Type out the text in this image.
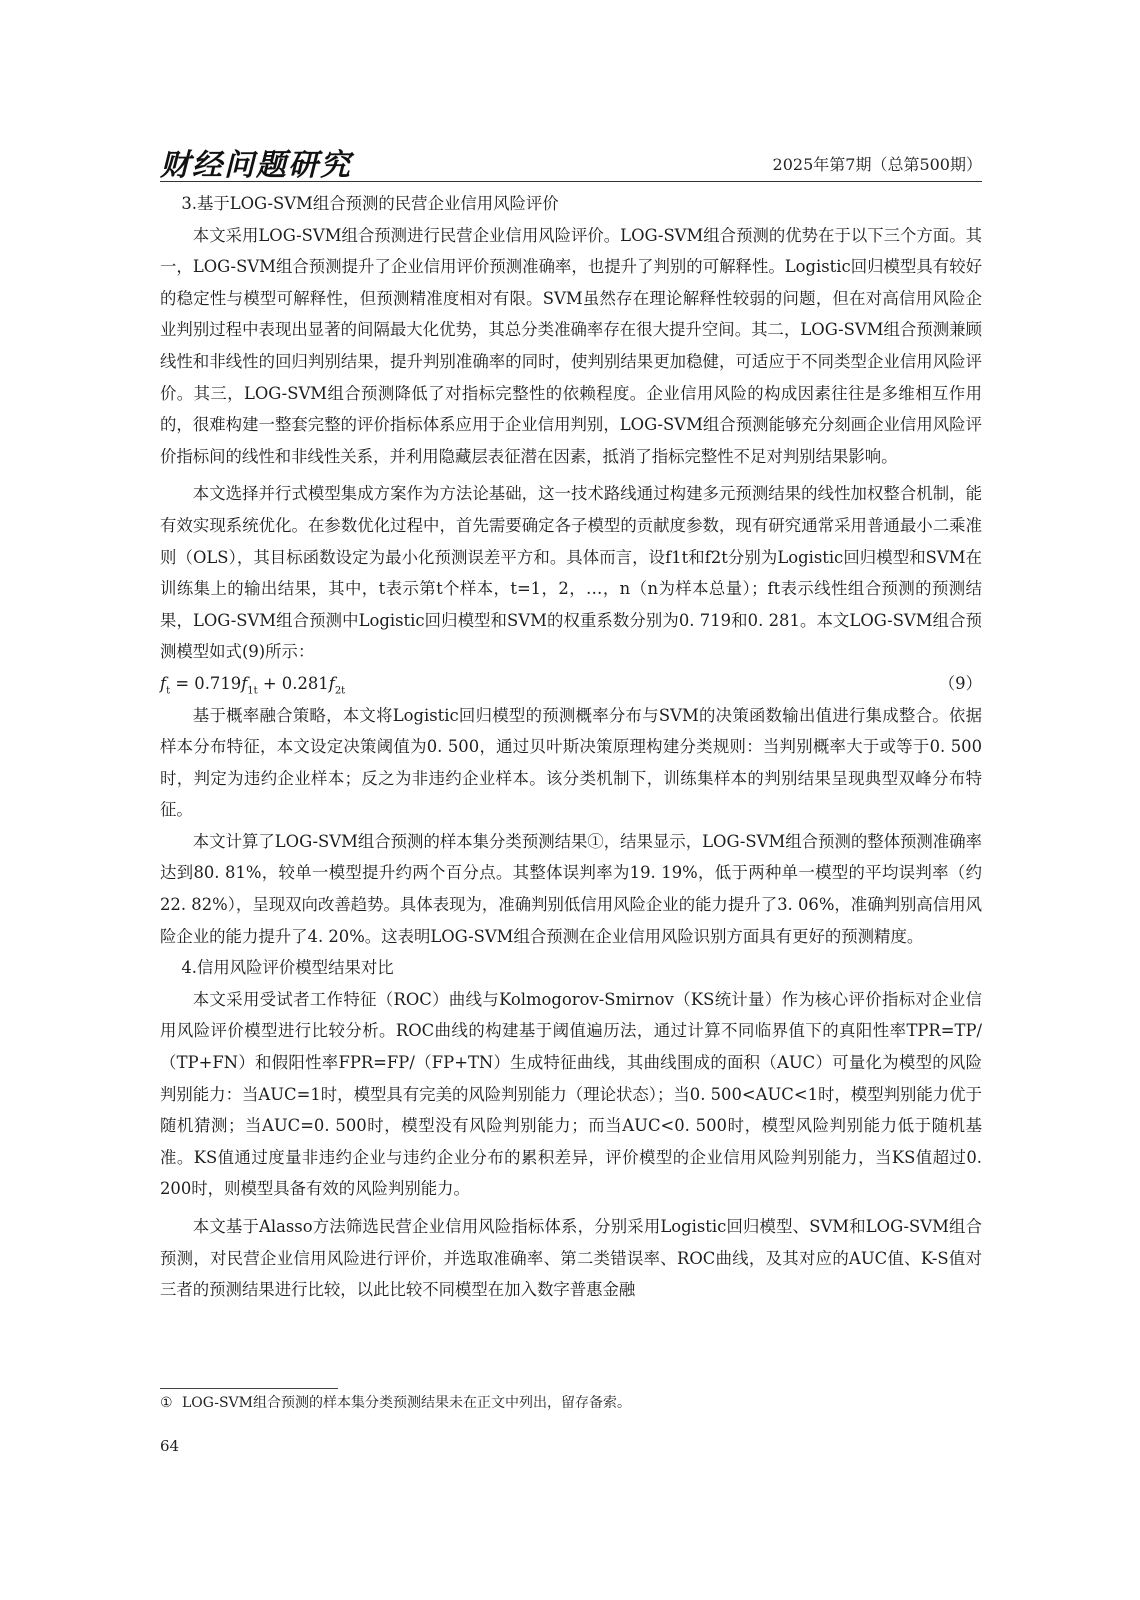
财经问题研究	2025年第7期（总第500期）

3.基于LOG-SVM组合预测的民营企业信用风险评价

本文采用LOG-SVM组合预测进行民营企业信用风险评价。LOG-SVM组合预测的优势在于以下三个方面。其一，LOG-SVM组合预测提升了企业信用评价预测准确率，也提升了判别的可解释性。Logistic回归模型具有较好的稳定性与模型可解释性，但预测精准度相对有限。SVM虽然存在理论解释性较弱的问题，但在对高信用风险企业判别过程中表现出显著的间隔最大化优势，其总分类准确率存在很大提升空间。其二，LOG-SVM组合预测兼顾线性和非线性的回归判别结果，提升判别准确率的同时，使判别结果更加稳健，可适应于不同类型企业信用风险评价。其三，LOG-SVM组合预测降低了对指标完整性的依赖程度。企业信用风险的构成因素往往是多维相互作用的，很难构建一整套完整的评价指标体系应用于企业信用判别，LOG-SVM组合预测能够充分刻画企业信用风险评价指标间的线性和非线性关系，并利用隐藏层表征潜在因素，抵消了指标完整性不足对判别结果影响。

本文选择并行式模型集成方案作为方法论基础，这一技术路线通过构建多元预测结果的线性加权整合机制，能有效实现系统优化。在参数优化过程中，首先需要确定各子模型的贡献度参数，现有研究通常采用普通最小二乘准则（OLS），其目标函数设定为最小化预测误差平方和。具体而言，设f1t和f2t分别为Logistic回归模型和SVM在训练集上的输出结果，其中，t表示第t个样本，t=1，2，…，n（n为样本总量）；ft表示线性组合预测的预测结果，LOG-SVM组合预测中Logistic回归模型和SVM的权重系数分别为0. 719和0. 281。本文LOG-SVM组合预测模型如式(9)所示：

$f_t = 0.719f_{1t} + 0.281f_{2t}$	（9）

基于概率融合策略，本文将Logistic回归模型的预测概率分布与SVM的决策函数输出值进行集成整合。依据样本分布特征，本文设定决策阈值为0. 500，通过贝叶斯决策原理构建分类规则：当判别概率大于或等于0. 500时，判定为违约企业样本；反之为非违约企业样本。该分类机制下，训练集样本的判别结果呈现典型双峰分布特征。

本文计算了LOG-SVM组合预测的样本集分类预测结果①，结果显示，LOG-SVM组合预测的整体预测准确率达到80. 81%，较单一模型提升约两个百分点。其整体误判率为19. 19%，低于两种单一模型的平均误判率（约22. 82%），呈现双向改善趋势。具体表现为，准确判别低信用风险企业的能力提升了3. 06%，准确判别高信用风险企业的能力提升了4. 20%。这表明LOG-SVM组合预测在企业信用风险识别方面具有更好的预测精度。

4.信用风险评价模型结果对比

本文采用受试者工作特征（ROC）曲线与Kolmogorov-Smirnov（KS统计量）作为核心评价指标对企业信用风险评价模型进行比较分析。ROC曲线的构建基于阈值遍历法，通过计算不同临界值下的真阳性率TPR=TP/（TP+FN）和假阳性率FPR=FP/（FP+TN）生成特征曲线，其曲线围成的面积（AUC）可量化为模型的风险判别能力：当AUC=1时，模型具有完美的风险判别能力（理论状态）；当0. 500<AUC<1时，模型判别能力优于随机猜测；当AUC=0. 500时，模型没有风险判别能力；而当AUC<0. 500时，模型风险判别能力低于随机基准。KS值通过度量非违约企业与违约企业分布的累积差异，评价模型的企业信用风险判别能力，当KS值超过0. 200时，则模型具备有效的风险判别能力。

本文基于Alasso方法筛选民营企业信用风险指标体系，分别采用Logistic回归模型、SVM和LOG-SVM组合预测，对民营企业信用风险进行评价，并选取准确率、第二类错误率、ROC曲线，及其对应的AUC值、K-S值对三者的预测结果进行比较，以此比较不同模型在加入数字普惠金融

① LOG-SVM组合预测的样本集分类预测结果未在正文中列出，留存备索。
64
